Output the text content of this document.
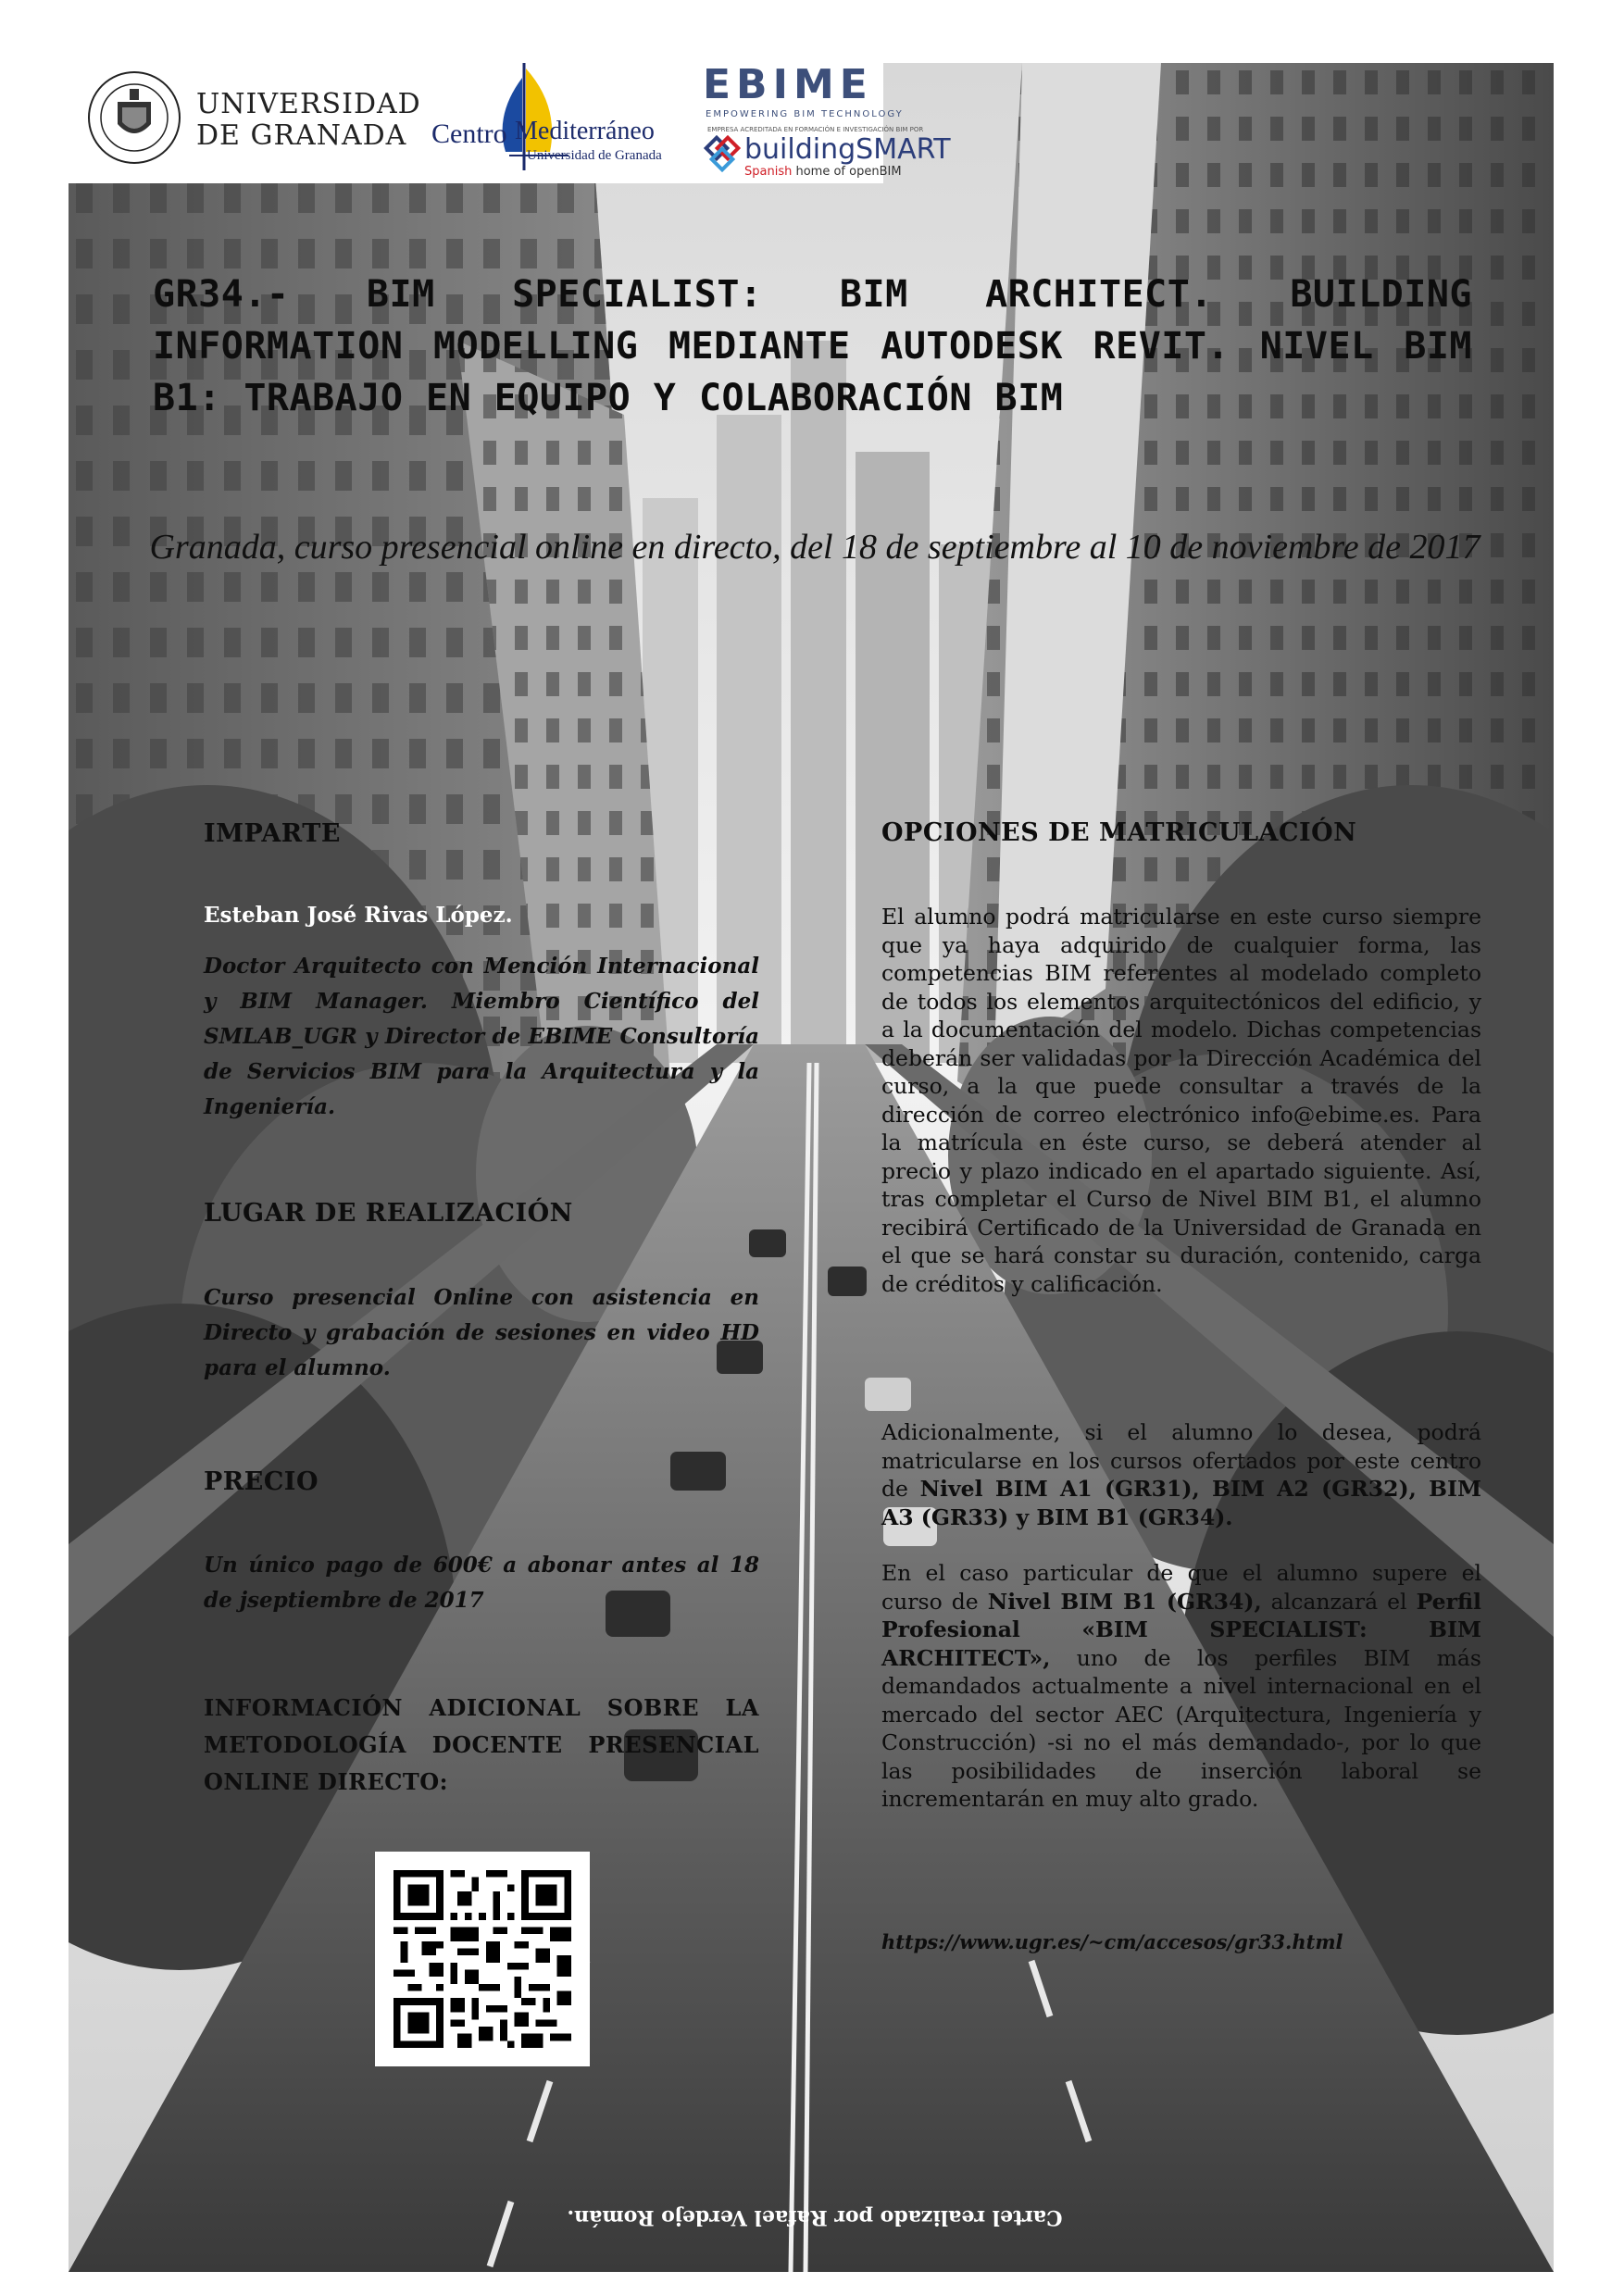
UNIVERSIDAD
DE GRANADA Centro Mediterráneo
Universidad de Granada
EBIME
EMPOWERING BIM TECHNOLOGY
EMPRESA ACREDITADA EN FORMACIÓN E INVESTIGACIÓN BIM POR
buildingSMART
Spanish home of openBIM
GR34.- BIM SPECIALIST: BIM ARCHITECT. BUILDING INFORMATION MODELLING MEDIANTE AUTODESK REVIT. NIVEL BIM B1: TRABAJO EN EQUIPO Y COLABORACIÓN BIM
Granada, curso presencial online en directo, del 18 de septiembre al 10 de noviembre de 2017
IMPARTE
Esteban José Rivas López.
Doctor Arquitecto con Mención Internacional y BIM Manager. Miembro Científico del SMLAB_UGR y Director de EBIME Consultoría de Servicios BIM para la Arquitectura y la Ingeniería.
LUGAR DE REALIZACIÓN
Curso presencial Online con asistencia en Directo y grabación de sesiones en video HD para el alumno.
PRECIO
Un único pago de 600€ a abonar antes al 18 de jseptiembre de 2017
INFORMACIÓN ADICIONAL SOBRE LA METODOLOGÍA DOCENTE PRESENCIAL ONLINE DIRECTO:
OPCIONES DE MATRICULACIÓN
El alumno podrá matricularse en este curso siempre que ya haya adquirido de cualquier forma, las competencias BIM referentes al modelado completo de todos los elementos arquitectónicos del edificio, y a la documentación del modelo. Dichas competencias deberán ser validadas por la Dirección Académica del curso, a la que puede consultar a través de la dirección de correo electrónico info@ebime.es. Para la matrícula en éste curso, se deberá atender al precio y plazo indicado en el apartado siguiente. Así, tras completar el Curso de Nivel BIM B1, el alumno recibirá Certificado de la Universidad de Granada en el que se hará constar su duración, contenido, carga de créditos y calificación.
Adicionalmente, si el alumno lo desea, podrá matricularse en los cursos ofertados por este centro de Nivel BIM A1 (GR31), BIM A2 (GR32), BIM A3 (GR33) y BIM B1 (GR34).
En el caso particular de que el alumno supere el curso de Nivel BIM B1 (GR34), alcanzará el Perfil Profesional «BIM SPECIALIST: BIM ARCHITECT», uno de los perfiles BIM más demandados actualmente a nivel internacional en el mercado del sector AEC (Arquitectura, Ingeniería y Construcción) -si no el más demandado-, por lo que las posibilidades de inserción laboral se incrementarán en muy alto grado.
https://www.ugr.es/~cm/accesos/gr33.html
Cartel realizado por Rafael Verdejo Román.
